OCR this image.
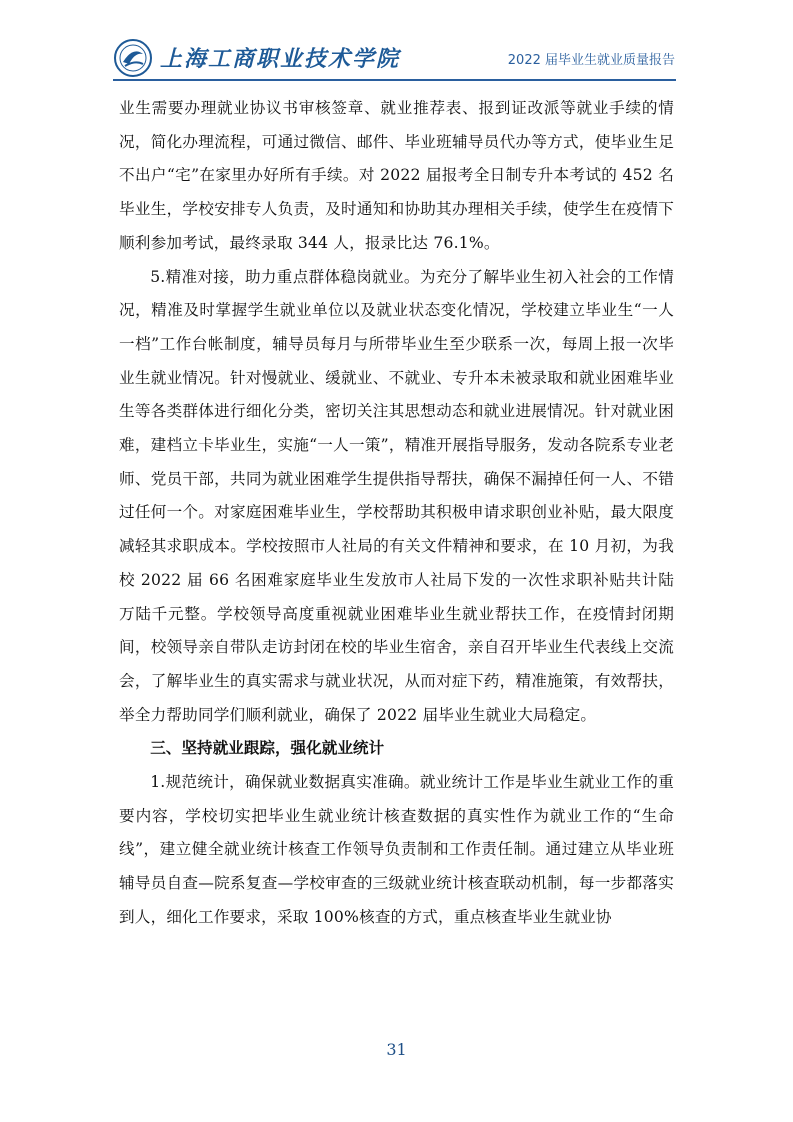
上海工商职业技术学院	2022 届毕业生就业质量报告

业生需要办理就业协议书审核签章、就业推荐表、报到证改派等就业手续的情况，简化办理流程，可通过微信、邮件、毕业班辅导员代办等方式，使毕业生足不出户“宅”在家里办好所有手续。对 2022 届报考全日制专升本考试的 452 名毕业生，学校安排专人负责，及时通知和协助其办理相关手续，使学生在疫情下顺利参加考试，最终录取 344 人，报录比达 76.1%。

5.精准对接，助力重点群体稳岗就业。为充分了解毕业生初入社会的工作情况，精准及时掌握学生就业单位以及就业状态变化情况，学校建立毕业生“一人一档”工作台帐制度，辅导员每月与所带毕业生至少联系一次，每周上报一次毕业生就业情况。针对慢就业、缓就业、不就业、专升本未被录取和就业困难毕业生等各类群体进行细化分类，密切关注其思想动态和就业进展情况。针对就业困难，建档立卡毕业生，实施“一人一策”，精准开展指导服务，发动各院系专业老师、党员干部，共同为就业困难学生提供指导帮扶，确保不漏掉任何一人、不错过任何一个。对家庭困难毕业生，学校帮助其积极申请求职创业补贴，最大限度减轻其求职成本。学校按照市人社局的有关文件精神和要求，在 10 月初，为我校 2022 届 66 名困难家庭毕业生发放市人社局下发的一次性求职补贴共计陆万陆千元整。学校领导高度重视就业困难毕业生就业帮扶工作，在疫情封闭期间，校领导亲自带队走访封闭在校的毕业生宿舍，亲自召开毕业生代表线上交流会，了解毕业生的真实需求与就业状况，从而对症下药，精准施策，有效帮扶，举全力帮助同学们顺利就业，确保了 2022 届毕业生就业大局稳定。

三、坚持就业跟踪，强化就业统计

1.规范统计，确保就业数据真实准确。就业统计工作是毕业生就业工作的重要内容，学校切实把毕业生就业统计核查数据的真实性作为就业工作的“生命线”，建立健全就业统计核查工作领导负责制和工作责任制。通过建立从毕业班辅导员自查—院系复查—学校审查的三级就业统计核查联动机制，每一步都落实到人，细化工作要求，采取 100%核查的方式，重点核查毕业生就业协

31
